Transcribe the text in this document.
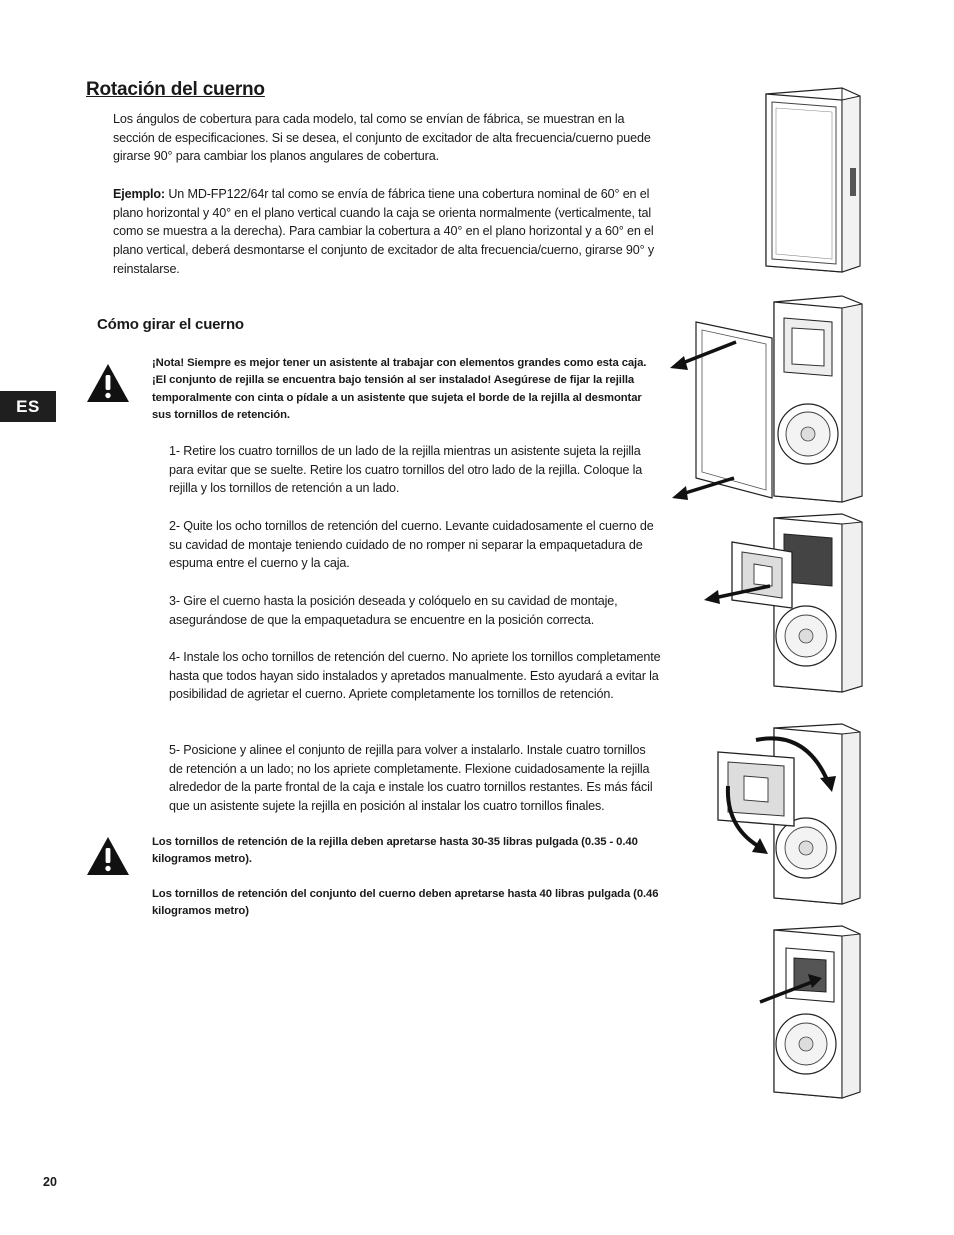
ES
Rotación del cuerno
Los ángulos de cobertura para cada modelo, tal como se envían de fábrica, se muestran en la sección de especificaciones. Si se desea, el conjunto de excitador de alta frecuencia/cuerno puede girarse 90° para cambiar los planos angulares de cobertura.
Ejemplo: Un MD-FP122/64r tal como se envía de fábrica tiene una cobertura nominal de 60° en el plano horizontal y 40° en el plano vertical cuando la caja se orienta normalmente (verticalmente, tal como se muestra a la derecha). Para cambiar la cobertura a 40° en el plano horizontal y a 60° en el plano vertical, deberá desmontarse el conjunto de excitador de alta frecuencia/cuerno, girarse 90° y reinstalarse.
Cómo girar el cuerno
¡Nota! Siempre es mejor tener un asistente al trabajar con elementos grandes como esta caja. ¡El conjunto de rejilla se encuentra bajo tensión al ser instalado! Asegúrese de fijar la rejilla temporalmente con cinta o pídale a un asistente que sujeta el borde de la rejilla al desmontar sus tornillos de retención.
1- Retire los cuatro tornillos de un lado de la rejilla mientras un asistente sujeta la rejilla para evitar que se suelte. Retire los cuatro tornillos del otro lado de la rejilla. Coloque la rejilla y los tornillos de retención a un lado.
2- Quite los ocho tornillos de retención del cuerno. Levante cuidadosamente el cuerno de su cavidad de montaje teniendo cuidado de no romper ni separar la empaquetadura de espuma entre el cuerno y la caja.
3- Gire el cuerno hasta la posición deseada y colóquelo en su cavidad de montaje, asegurándose de que la empaquetadura se encuentre en la posición correcta.
4- Instale los ocho tornillos de retención del cuerno. No apriete los tornillos completamente hasta que todos hayan sido instalados y apretados manualmente. Esto ayudará a evitar la posibilidad de agrietar el cuerno. Apriete completamente los tornillos de retención.
5- Posicione y alinee el conjunto de rejilla para volver a instalarlo. Instale cuatro tornillos de retención a un lado; no los apriete completamente. Flexione cuidadosamente la rejilla alrededor de la parte frontal de la caja e instale los cuatro tornillos restantes. Es más fácil que un asistente sujete la rejilla en posición al instalar los cuatro tornillos finales.
Los tornillos de retención de la rejilla deben apretarse hasta 30-35 libras pulgada (0.35 - 0.40 kilogramos metro).
Los tornillos de retención del conjunto del cuerno deben apretarse hasta 40 libras pulgada (0.46 kilogramos metro)
20
